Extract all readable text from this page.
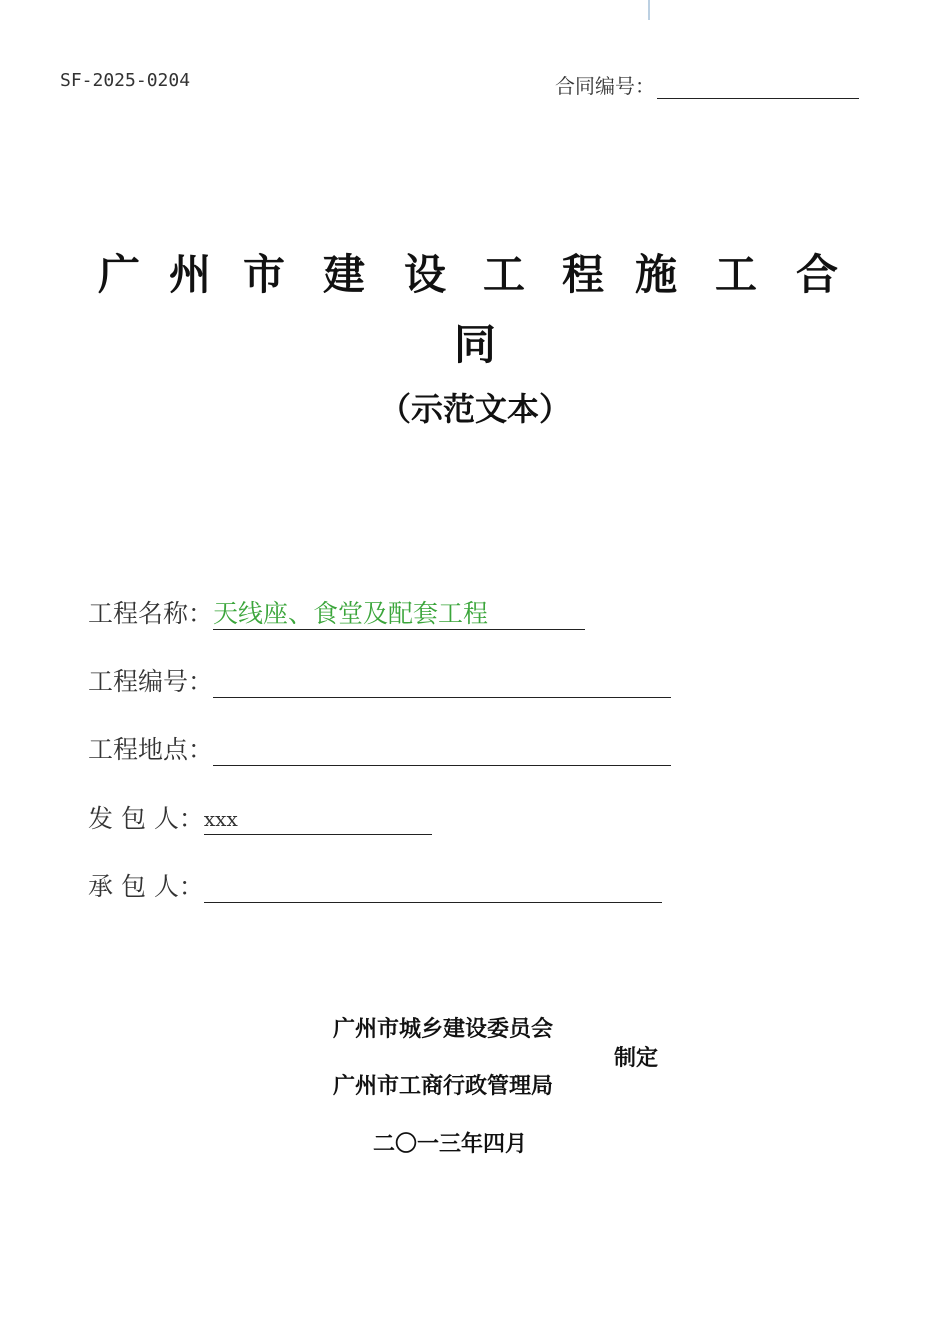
SF-2025-0204	合同编号：
广 州 市 建 设 工 程 施 工 合
同
（示范文本）
工程名称： 天线座、食堂及配套工程
工程编号：
工程地点：
发 包 人： xxx
承 包 人：
广州市城乡建设委员会
制定
广州市工商行政管理局
二〇一三年四月
